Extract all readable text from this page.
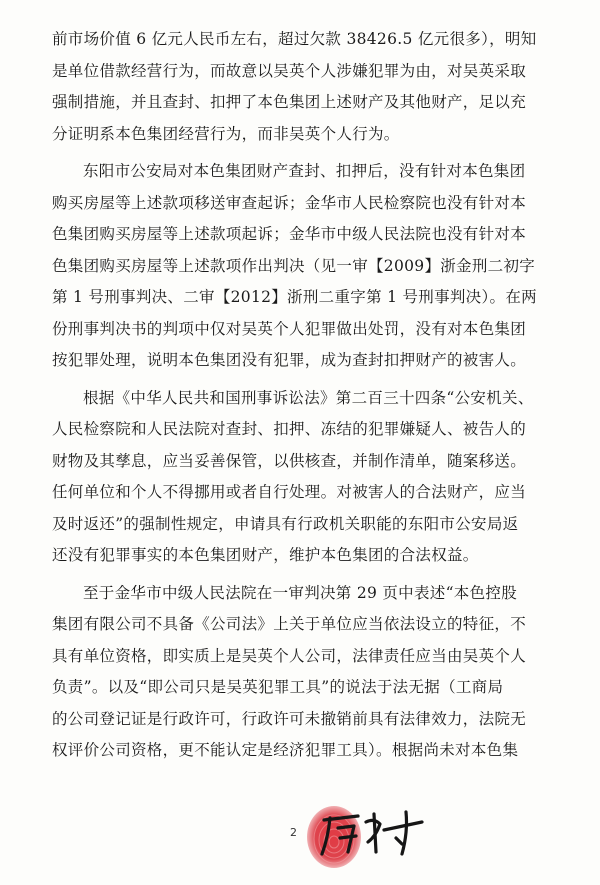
前市场价值 6 亿元人民币左右，超过欠款 38426.5 亿元很多），明知
是单位借款经营行为，而故意以吴英个人涉嫌犯罪为由，对吴英采取
强制措施，并且查封、扣押了本色集团上述财产及其他财产，足以充
分证明系本色集团经营行为，而非吴英个人行为。

东阳市公安局对本色集团财产查封、扣押后，没有针对本色集团
购买房屋等上述款项移送审查起诉；金华市人民检察院也没有针对本
色集团购买房屋等上述款项起诉；金华市中级人民法院也没有针对本
色集团购买房屋等上述款项作出判决（见一审【2009】浙金刑二初字
第 1 号刑事判决、二审【2012】浙刑二重字第 1 号刑事判决）。在两
份刑事判决书的判项中仅对吴英个人犯罪做出处罚，没有对本色集团
按犯罪处理，说明本色集团没有犯罪，成为查封扣押财产的被害人。

根据《中华人民共和国刑事诉讼法》第二百三十四条“公安机关、
人民检察院和人民法院对查封、扣押、冻结的犯罪嫌疑人、被告人的
财物及其孳息，应当妥善保管，以供核查，并制作清单，随案移送。
任何单位和个人不得挪用或者自行处理。对被害人的合法财产，应当
及时返还”的强制性规定，申请具有行政机关职能的东阳市公安局返
还没有犯罪事实的本色集团财产，维护本色集团的合法权益。

至于金华市中级人民法院在一审判决第 29 页中表述“本色控股
集团有限公司不具备《公司法》上关于单位应当依法设立的特征，不
具有单位资格，即实质上是吴英个人公司，法律责任应当由吴英个人
负责”。以及“即公司只是吴英犯罪工具”的说法于法无据（工商局
的公司登记证是行政许可，行政许可未撤销前具有法律效力，法院无
权评价公司资格，更不能认定是经济犯罪工具）。根据尚未对本色集

2
